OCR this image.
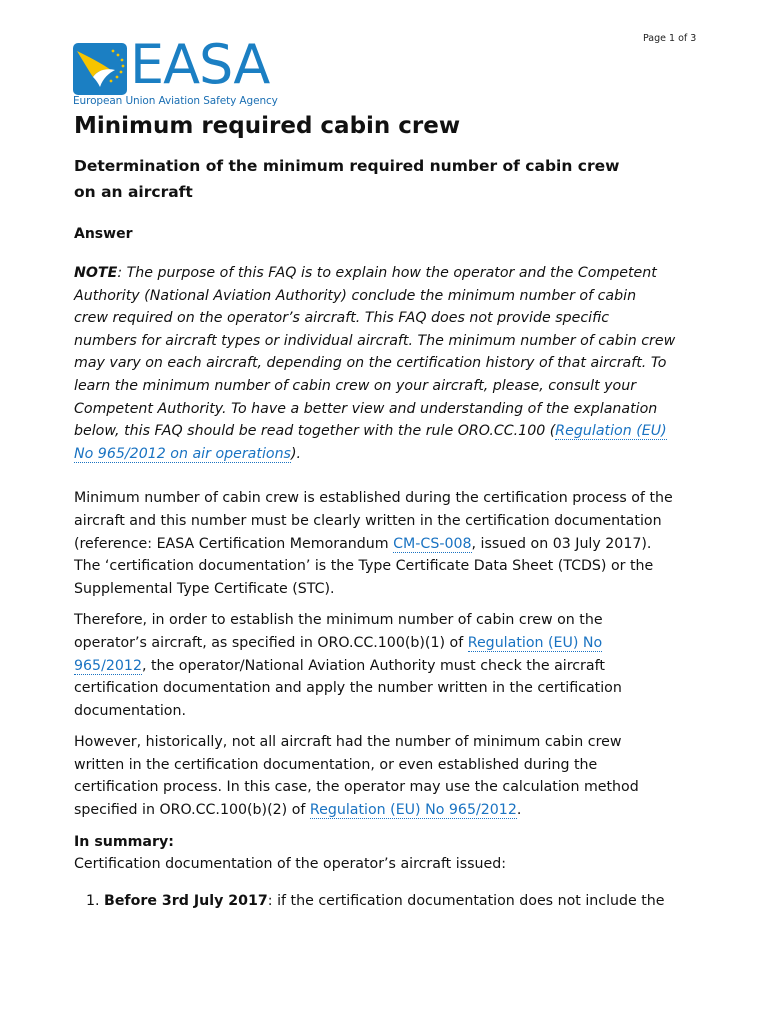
Page 1 of 3
EASA
European Union Aviation Safety Agency
Minimum required cabin crew
Determination of the minimum required number of cabin crew
on an aircraft
Answer

NOTE: The purpose of this FAQ is to explain how the operator and the Competent
Authority (National Aviation Authority) conclude the minimum number of cabin
crew required on the operator’s aircraft. This FAQ does not provide specific
numbers for aircraft types or individual aircraft. The minimum number of cabin crew
may vary on each aircraft, depending on the certification history of that aircraft. To
learn the minimum number of cabin crew on your aircraft, please, consult your
Competent Authority. To have a better view and understanding of the explanation
below, this FAQ should be read together with the rule ORO.CC.100 (Regulation (EU)
No 965/2012 on air operations).

Minimum number of cabin crew is established during the certification process of the
aircraft and this number must be clearly written in the certification documentation
(reference: EASA Certification Memorandum CM-CS-008, issued on 03 July 2017).
The ‘certification documentation’ is the Type Certificate Data Sheet (TCDS) or the
Supplemental Type Certificate (STC).

Therefore, in order to establish the minimum number of cabin crew on the
operator’s aircraft, as specified in ORO.CC.100(b)(1) of Regulation (EU) No
965/2012, the operator/National Aviation Authority must check the aircraft
certification documentation and apply the number written in the certification
documentation.

However, historically, not all aircraft had the number of minimum cabin crew
written in the certification documentation, or even established during the
certification process. In this case, the operator may use the calculation method
specified in ORO.CC.100(b)(2) of Regulation (EU) No 965/2012.

In summary:

Certification documentation of the operator’s aircraft issued:

1. Before 3rd July 2017: if the certification documentation does not include the
